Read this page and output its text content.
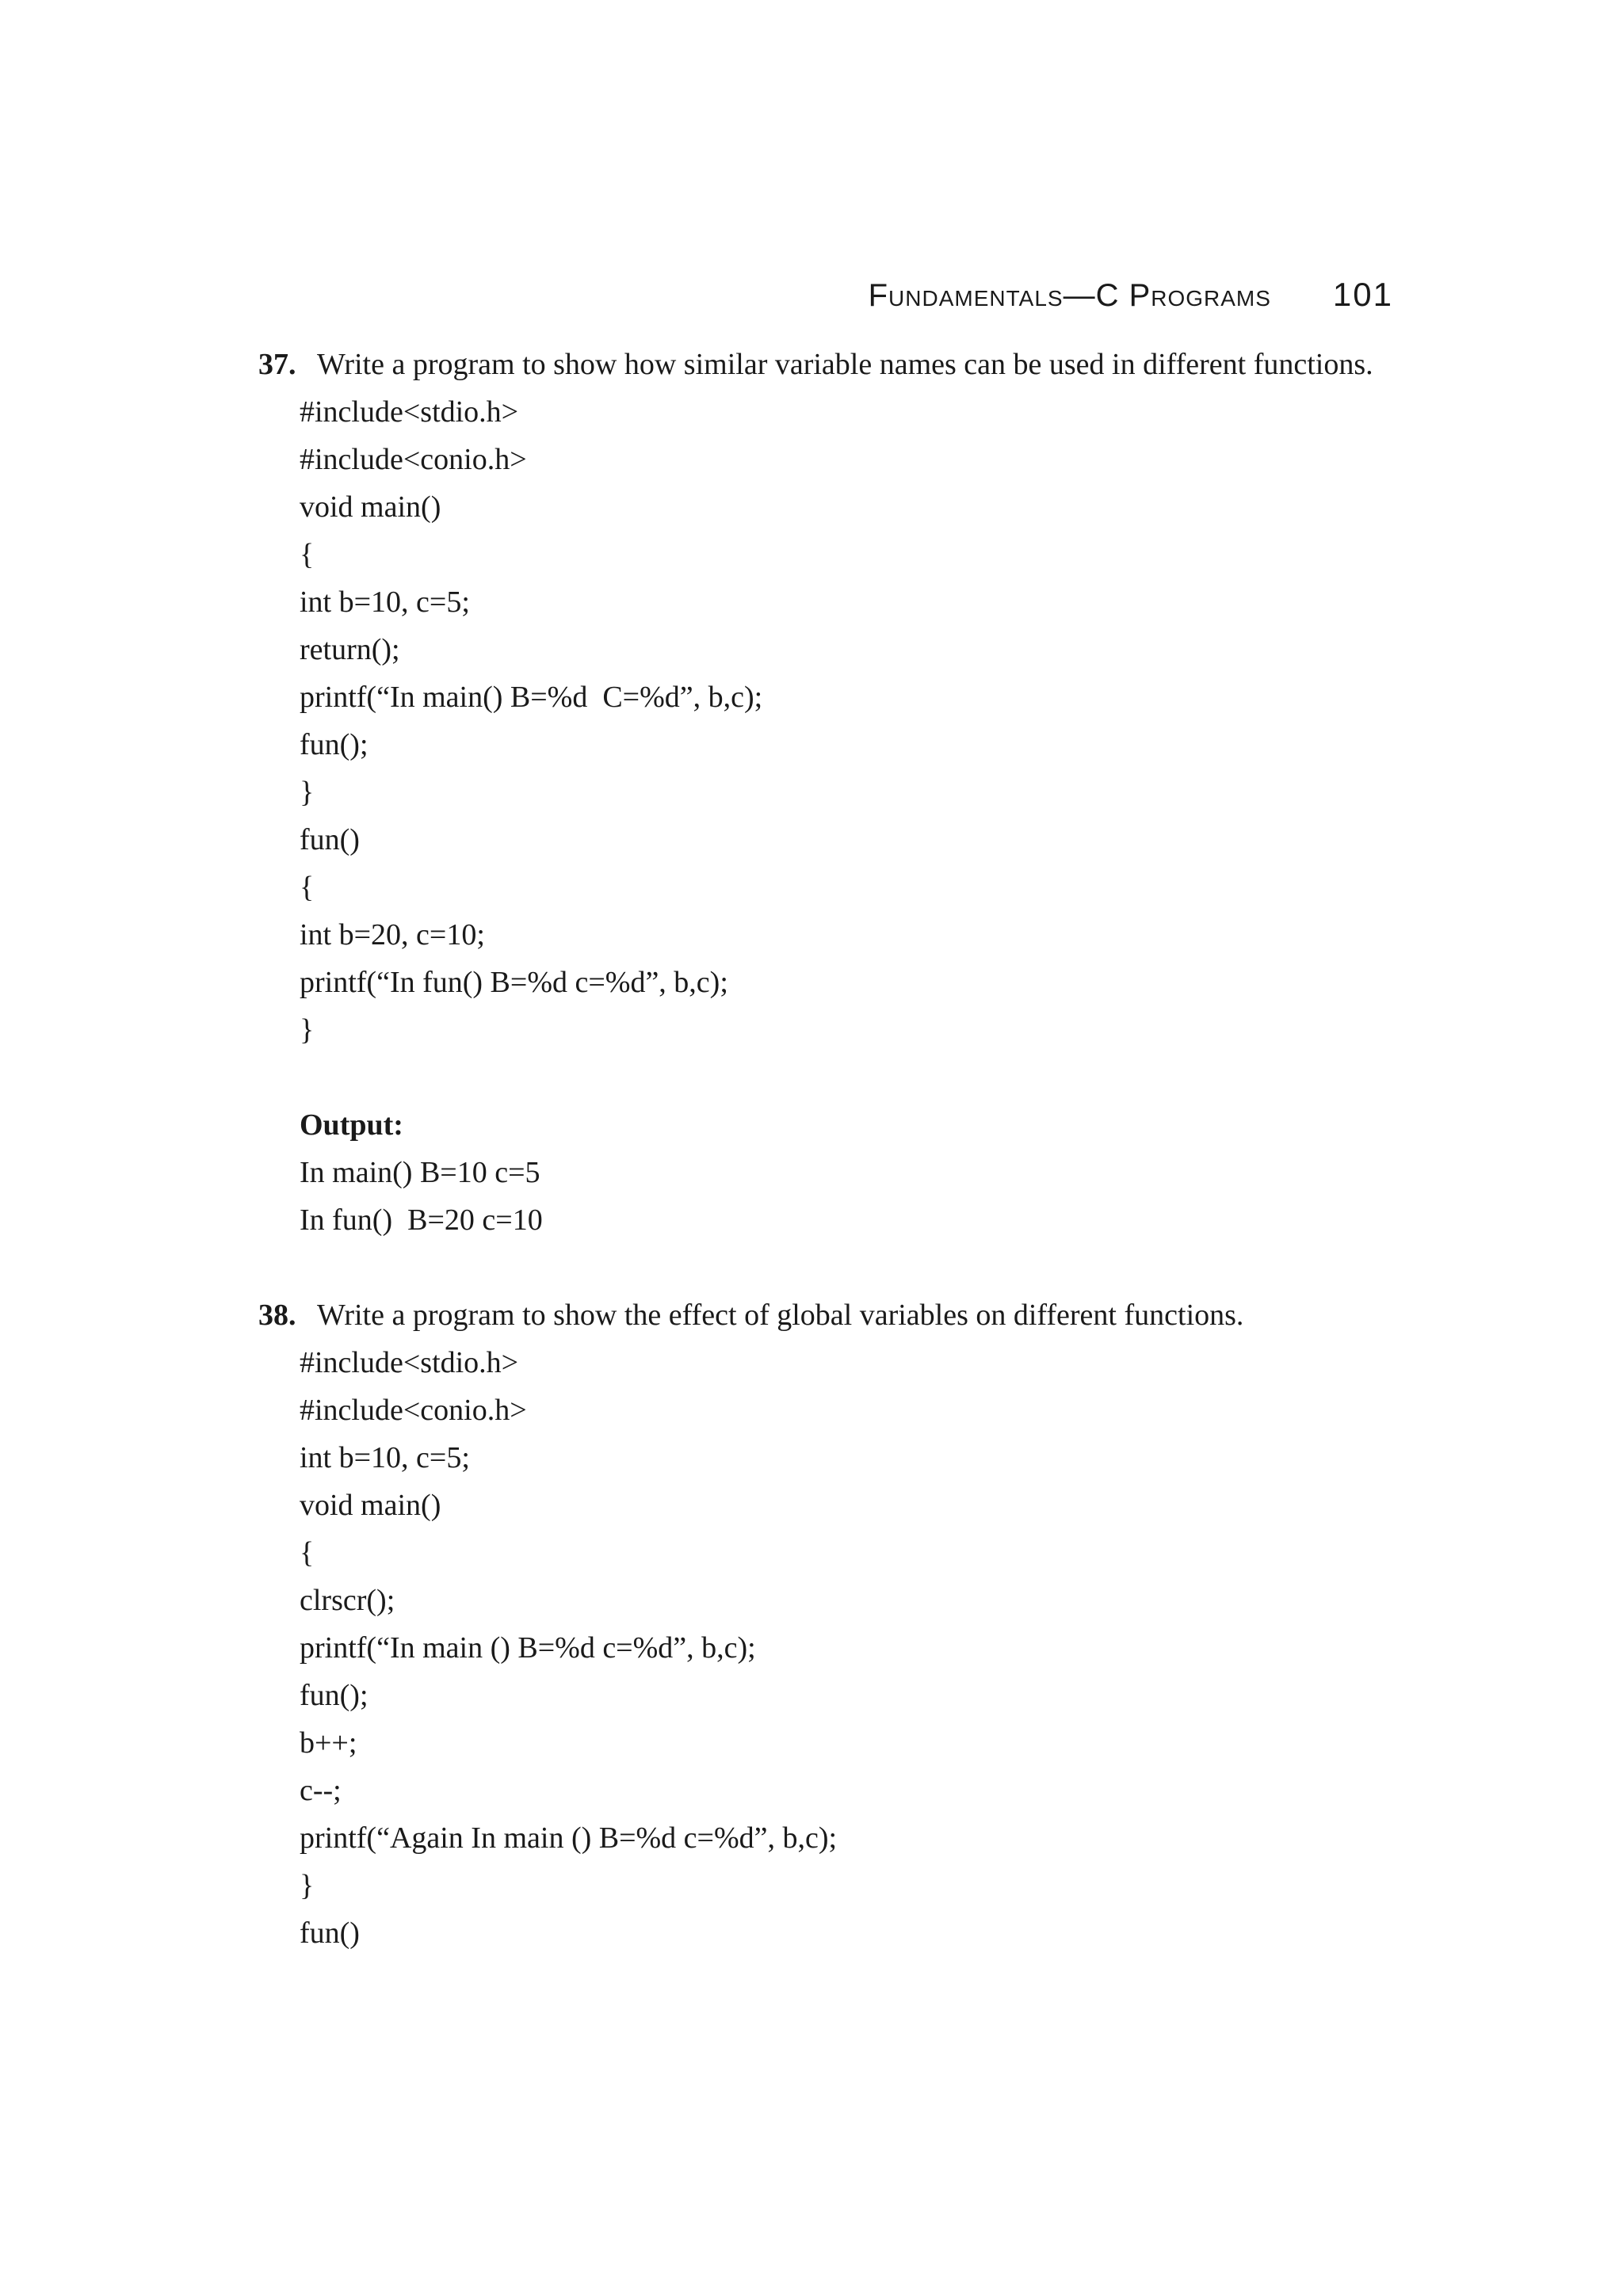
Fundamentals—C Programs 101
37. Write a program to show how similar variable names can be used in different functions.
#include<stdio.h>
#include<conio.h>
void main()
{
int b=10, c=5;
return();
printf(“In main() B=%d  C=%d”, b,c);
fun();
}
fun()
{
int b=20, c=10;
printf(“In fun() B=%d c=%d”, b,c);
}
Output:
In main() B=10 c=5
In fun()  B=20 c=10
38. Write a program to show the effect of global variables on different functions.
#include<stdio.h>
#include<conio.h>
int b=10, c=5;
void main()
{
clrscr();
printf(“In main () B=%d c=%d”, b,c);
fun();
b++;
c--;
printf(“Again In main () B=%d c=%d”, b,c);
}
fun()
